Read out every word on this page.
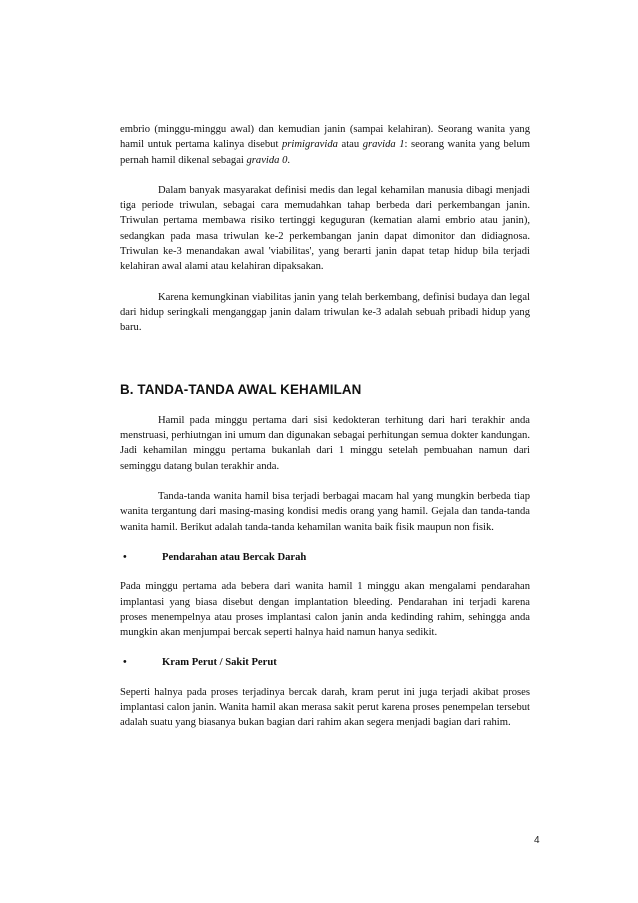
embrio (minggu-minggu awal) dan kemudian janin (sampai kelahiran). Seorang wanita yang hamil untuk pertama kalinya disebut primigravida atau gravida 1: seorang wanita yang belum pernah hamil dikenal sebagai gravida 0.

Dalam banyak masyarakat definisi medis dan legal kehamilan manusia dibagi menjadi tiga periode triwulan, sebagai cara memudahkan tahap berbeda dari perkembangan janin. Triwulan pertama membawa risiko tertinggi keguguran (kematian alami embrio atau janin), sedangkan pada masa triwulan ke-2 perkembangan janin dapat dimonitor dan didiagnosa. Triwulan ke-3 menandakan awal 'viabilitas', yang berarti janin dapat tetap hidup bila terjadi kelahiran awal alami atau kelahiran dipaksakan.

Karena kemungkinan viabilitas janin yang telah berkembang, definisi budaya dan legal dari hidup seringkali menganggap janin dalam triwulan ke-3 adalah sebuah pribadi hidup yang baru.

B. TANDA-TANDA AWAL KEHAMILAN

Hamil pada minggu pertama dari sisi kedokteran terhitung dari hari terakhir anda menstruasi, perhiutngan ini umum dan digunakan sebagai perhitungan semua dokter kandungan. Jadi kehamilan minggu pertama bukanlah dari 1 minggu setelah pembuahan namun dari seminggu datang bulan terakhir anda.

Tanda-tanda wanita hamil bisa terjadi berbagai macam hal yang mungkin berbeda tiap wanita tergantung dari masing-masing kondisi medis orang yang hamil. Gejala dan tanda-tanda wanita hamil. Berikut adalah tanda-tanda kehamilan wanita baik fisik maupun non fisik.

•	Pendarahan atau Bercak Darah

Pada minggu pertama ada bebera dari wanita hamil 1 minggu akan mengalami pendarahan implantasi yang biasa disebut dengan implantation bleeding. Pendarahan ini terjadi karena proses menempelnya atau proses implantasi calon janin anda kedinding rahim, sehingga anda mungkin akan menjumpai bercak seperti halnya haid namun hanya sedikit.

•	Kram Perut / Sakit Perut

Seperti halnya pada proses terjadinya bercak darah, kram perut ini juga terjadi akibat proses implantasi calon janin. Wanita hamil akan merasa sakit perut karena proses penempelan tersebut adalah suatu yang biasanya bukan bagian dari rahim akan segera menjadi bagian dari rahim.

4
